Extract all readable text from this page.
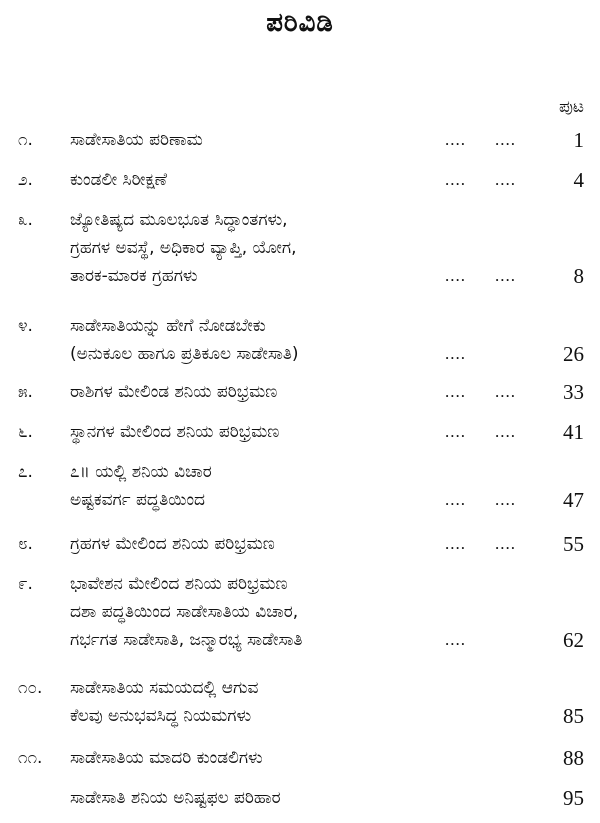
ಪರಿವಿಡಿ
ಪುಟ
೧. ಸಾಡೇಸಾತಿಯ ಪರಿಣಾಮ	.... ....	1
೨. ಕುಂಡಲೀ ಸಿರೀಕ್ಷಣೆ	.... ....	4
೩. ಜ್ಯೋತಿಷ್ಯದ ಮೂಲಭೂತ ಸಿದ್ಧಾಂತಗಳು,
ಗ್ರಹಗಳ ಅವಸ್ಥೆ, ಅಧಿಕಾರ ವ್ಯಾಪ್ತಿ, ಯೋಗ,
ತಾರಕ-ಮಾರಕ ಗ್ರಹಗಳು	.... ....	8
೪. ಸಾಡೇಸಾತಿಯನ್ನು ಹೇಗೆ ನೋಡಬೇಕು
(ಅನುಕೂಲ ಹಾಗೂ ಪ್ರತಿಕೂಲ ಸಾಡೇಸಾತಿ)	....	26
೫. ರಾಶಿಗಳ ಮೇಲಿಂಡ ಶನಿಯ ಪರಿಭ್ರಮಣ	.... .... 33
೬. ಸ್ಥಾನಗಳ ಮೇಲಿಂದ ಶನಿಯ ಪರಿಭ್ರಮಣ	.... .... 41
೭. ೭॥ ಯಲ್ಲಿ ಶನಿಯ ವಿಚಾರ
ಅಷ್ಟಕವರ್ಗ ಪದ್ಧತಿಯಿಂದ	.... .... 47
೮. ಗ್ರಹಗಳ ಮೇಲಿಂದ ಶನಿಯ ಪರಿಭ್ರಮಣ	.... .... 55
೯. ಭಾವೇಶನ ಮೇಲಿಂದ ಶನಿಯ ಪರಿಭ್ರಮಣ
ದಶಾ ಪದ್ಧತಿಯಿಂದ ಸಾಡೇಸಾತಿಯ ವಿಚಾರ,
ಗರ್ಭಗತ ಸಾಡೇಸಾತಿ, ಜನ್ಮಾರಭ್ಯ ಸಾಡೇಸಾತಿ	....	62
೧೦. ಸಾಡೇಸಾತಿಯ ಸಮಯದಲ್ಲಿ ಆಗುವ
ಕೆಲವು ಅನುಭವಸಿದ್ಧ ನಿಯಮಗಳು	85
೧೧. ಸಾಡೇಸಾತಿಯ ಮಾದರಿ ಕುಂಡಲಿಗಳು	88
ಸಾಡೇಸಾತಿ ಶನಿಯ ಅನಿಷ್ಟಫಲ ಪರಿಹಾರ	95
